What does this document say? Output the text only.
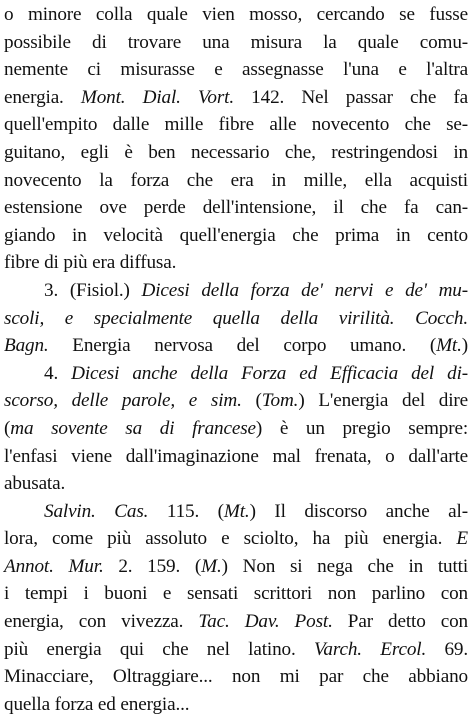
o minore colla quale vien mosso, cercando se fusse
possibile di trovare una misura la quale comu-
nemente ci misurasse e assegnasse l'una e l'altra
energia. Mont. Dial. Vort. 142. Nel passar che fa
quell'empito dalle mille fibre alle novecento che se-
guitano, egli è ben necessario che, restringendosi in
novecento la forza che era in mille, ella acquisti
estensione ove perde dell'intensione, il che fa can-
giando in velocità quell'energia che prima in cento
fibre di più era diffusa.
3. (Fisiol.) Dicesi della forza de' nervi e de' mu-
scoli, e specialmente quella della virilità. Cocch.
Bagn. Energia nervosa del corpo umano. (Mt.)
4. Dicesi anche della Forza ed Efficacia del di-
scorso, delle parole, e sim. (Tom.) L'energia del dire
(ma sovente sa di francese) è un pregio sempre:
l'enfasi viene dall'imaginazione mal frenata, o dall'arte
abusata.
Salvin. Cas. 115. (Mt.) Il discorso anche al-
lora, come più assoluto e sciolto, ha più energia. E
Annot. Mur. 2. 159. (M.) Non si nega che in tutti
i tempi i buoni e sensati scrittori non parlino con
energia, con vivezza. Tac. Dav. Post. Par detto con
più energia qui che nel latino. Varch. Ercol. 69.
Minacciare, Oltraggiare... non mi par che abbiano
quella forza ed energia...
